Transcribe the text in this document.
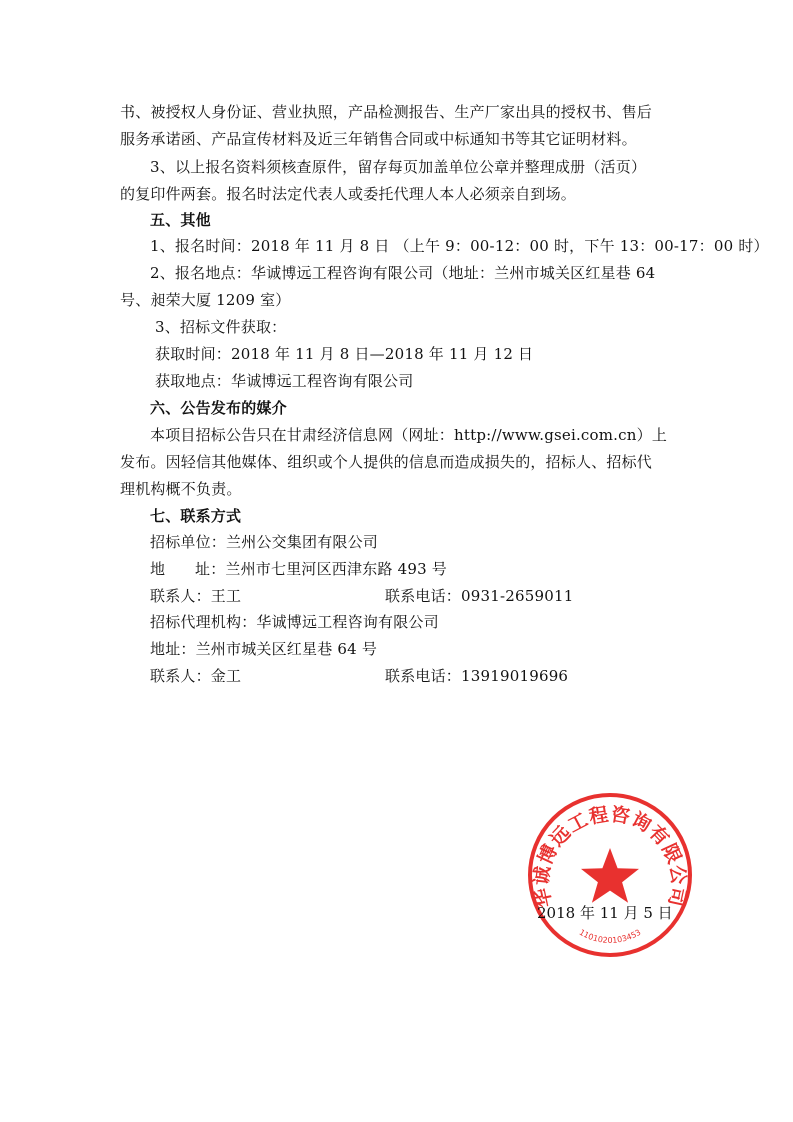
书、被授权人身份证、营业执照，产品检测报告、生产厂家出具的授权书、售后
服务承诺函、产品宣传材料及近三年销售合同或中标通知书等其它证明材料。
3、以上报名资料须核查原件，留存每页加盖单位公章并整理成册（活页）
的复印件两套。报名时法定代表人或委托代理人本人必须亲自到场。
五、其他
1、报名时间：2018 年 11 月 8 日 （上午 9：00-12：00 时，下午 13：00-17：00 时）
2、报名地点：华诚博远工程咨询有限公司（地址：兰州市城关区红星巷 64
号、昶荣大厦 1209 室）
3、招标文件获取：
获取时间：2018 年 11 月 8 日—2018 年 11 月 12 日
获取地点：华诚博远工程咨询有限公司
六、公告发布的媒介
本项目招标公告只在甘肃经济信息网（网址：http://www.gsei.com.cn）上
发布。因轻信其他媒体、组织或个人提供的信息而造成损失的，招标人、招标代
理机构概不负责。
七、联系方式
招标单位：兰州公交集团有限公司
地      址：兰州市七里河区西津东路 493 号
联系人：王工	联系电话：0931-2659011
招标代理机构：华诚博远工程咨询有限公司
地址：兰州市城关区红星巷 64 号
联系人：金工	联系电话：13919019696
华诚博远工程咨询有限公司
1101020103453
2018 年 11 月 5 日
